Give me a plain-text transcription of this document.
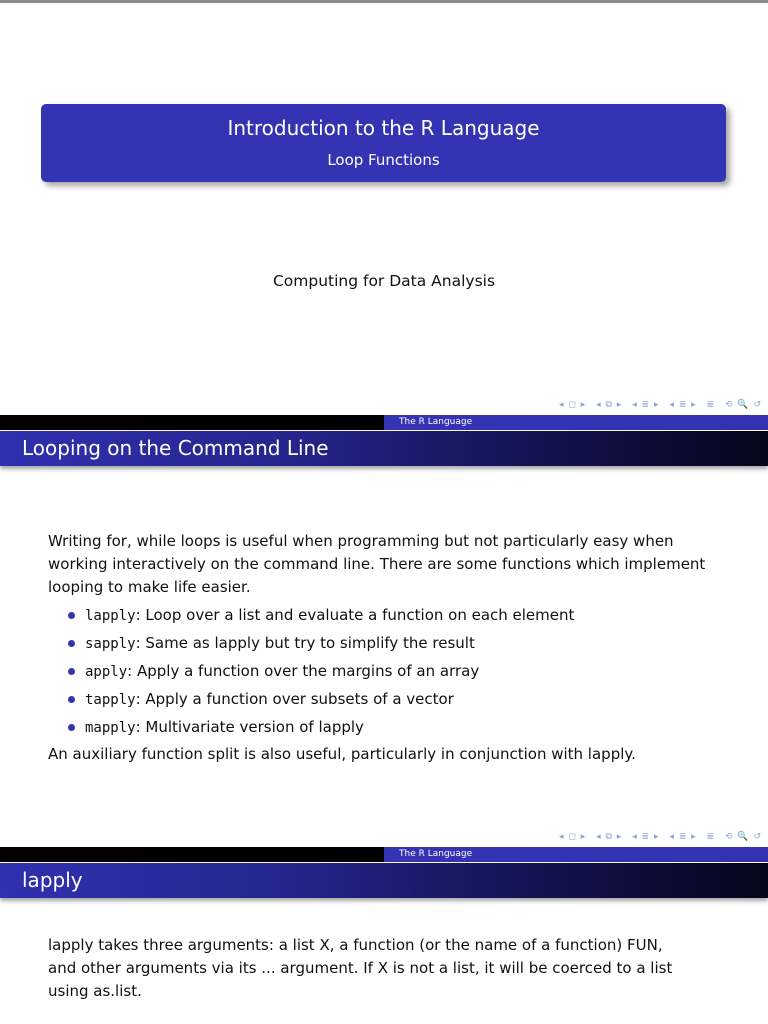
Introduction to the R Language
Loop Functions
Computing for Data Analysis
◂ ◻ ▸ ◂ ⧉ ▸ ◂ ≣ ▸ ◂ ≣ ▸ ≣ ⟲ 🔍 ↺
The R Language
Looping on the Command Line
Writing for, while loops is useful when programming but not particularly easy when working interactively on the command line. There are some functions which implement looping to make life easier.
lapply: Loop over a list and evaluate a function on each element
sapply: Same as lapply but try to simplify the result
apply: Apply a function over the margins of an array
tapply: Apply a function over subsets of a vector
mapply: Multivariate version of lapply
An auxiliary function split is also useful, particularly in conjunction with lapply.
◂ ◻ ▸ ◂ ⧉ ▸ ◂ ≣ ▸ ◂ ≣ ▸ ≣ ⟲ 🔍 ↺
The R Language
lapply
lapply takes three arguments: a list X, a function (or the name of a function) FUN,
and other arguments via its ... argument. If X is not a list, it will be coerced to a list
using as.list.
